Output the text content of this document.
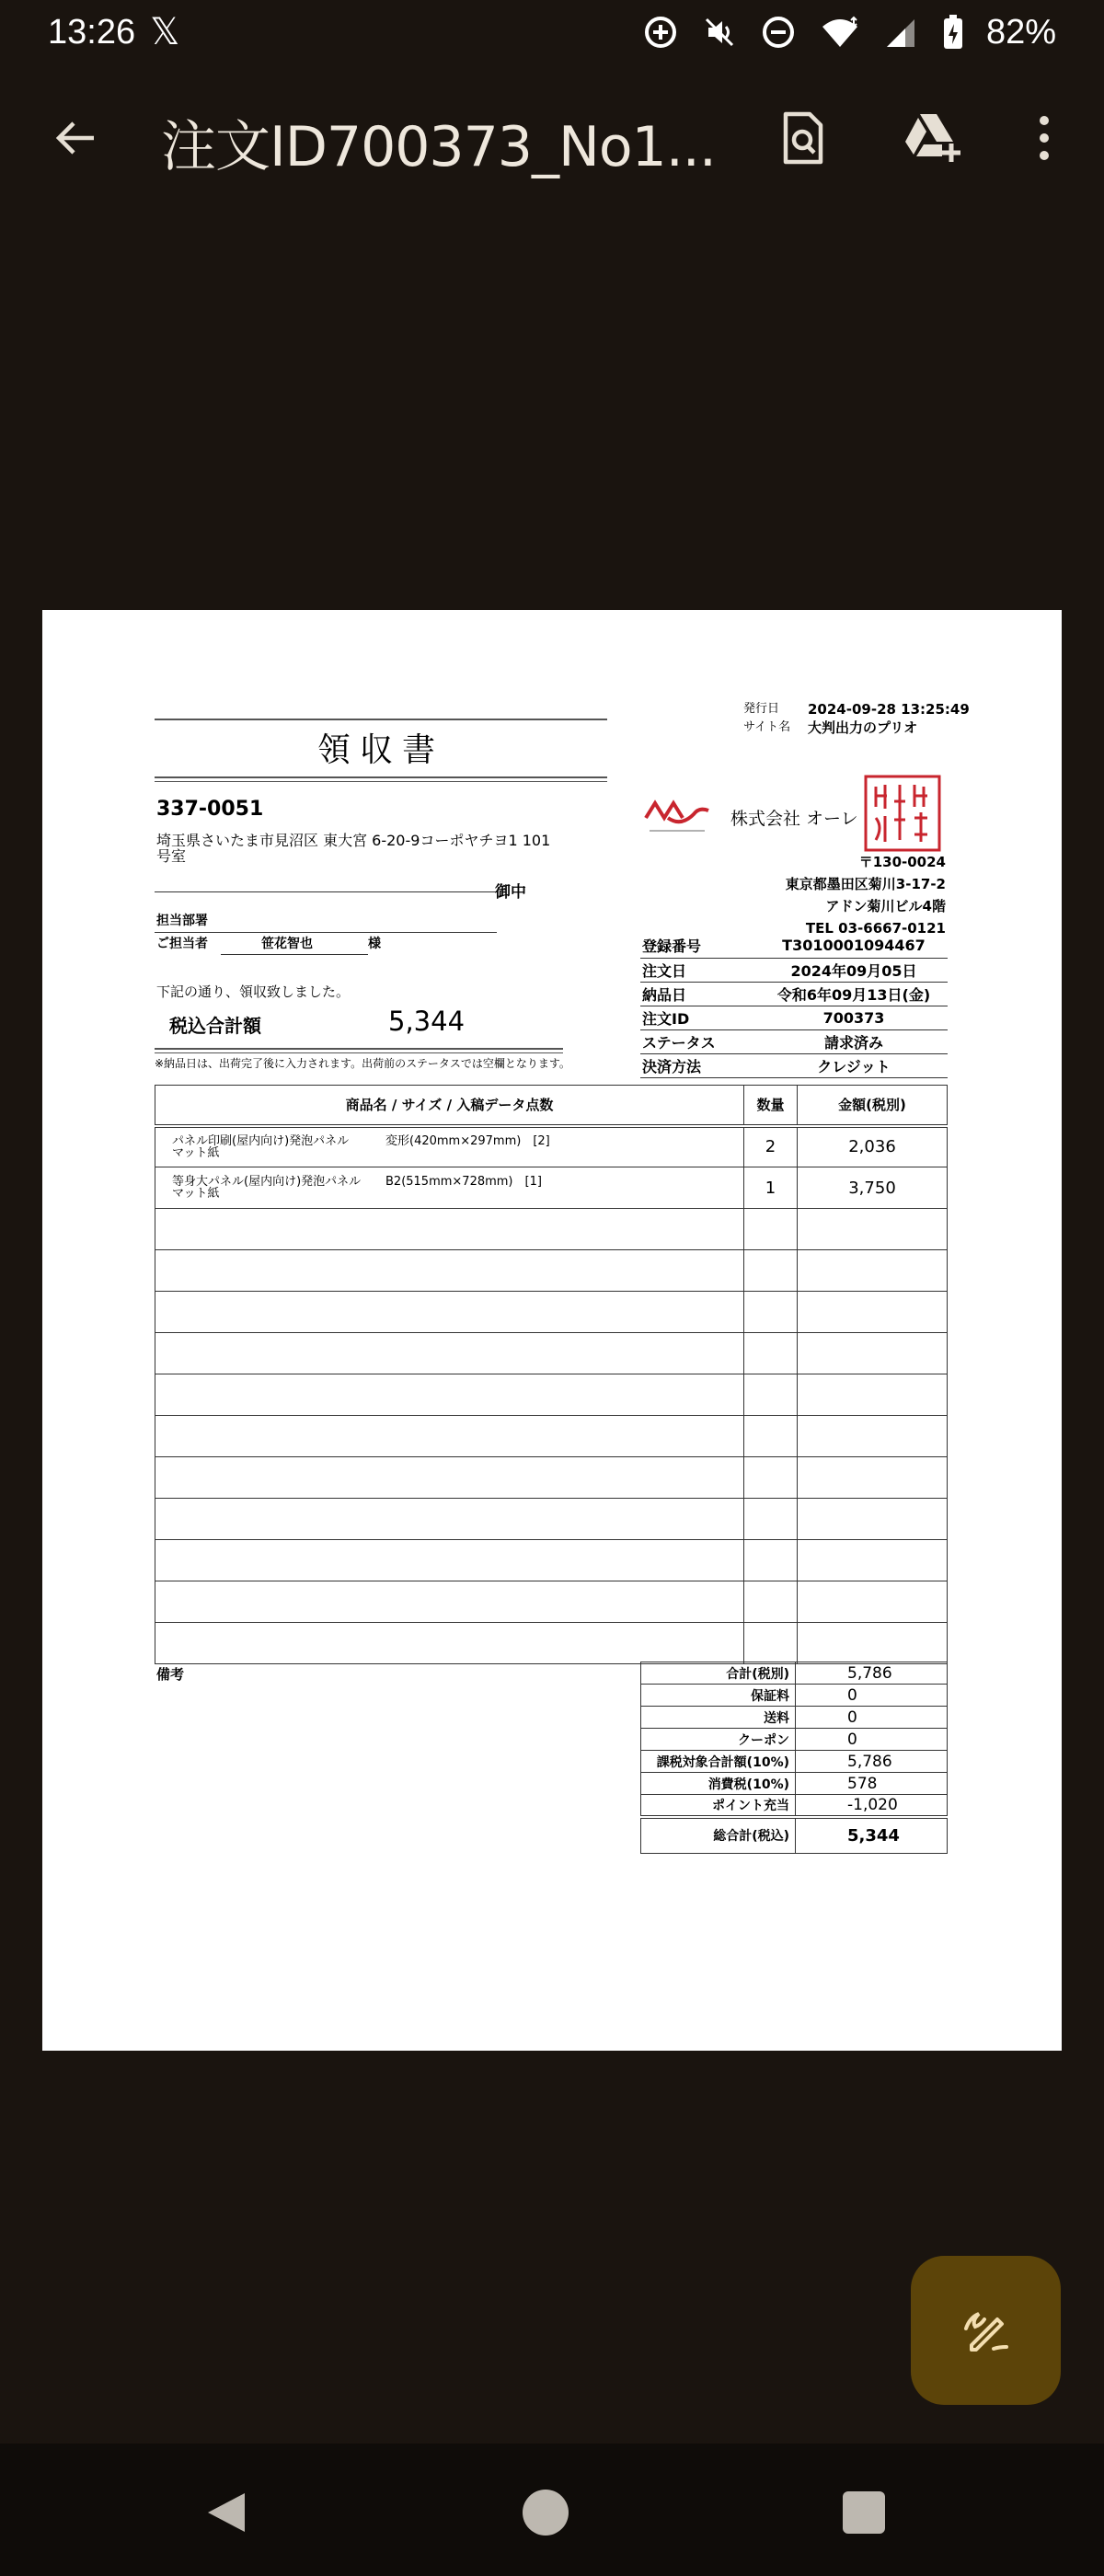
13:26 𝕏	82%
注文ID700373_No1...
発行日	2024-09-28 13:25:49
サイト名 大判出力のプリオ
領収書
337-0051
埼玉県さいたま市見沼区 東大宮 6-20-9コーポヤチヨ1 101号室
御中
担当部署
ご担当者	笹花智也	様
下記の通り、領収致しました。
税込合計額	5,344
※納品日は、出荷完了後に入力されます。出荷前のステータスでは空欄となります。
株式会社 オーレ
〒130-0024
東京都墨田区菊川3-17-2
アドン菊川ビル4階
TEL 03-6667-0121
登録番号	T3010001094467
注文日	2024年09月05日
納品日	令和6年09月13日(金)
注文ID	700373
ステータス	請求済み
決済方法	クレジット
商品名 / サイズ / 入稿データ点数	数量	金額(税別)

パネル印刷(屋内向け)発泡パネル
マット紙
変形(420mm×297mm)　[2]	2	2,036

等身大パネル(屋内向け)発泡パネル
マット紙
B2(515mm×728mm)　[1]	1	3,750

備考	合計(税別)	5,786
保証料	0
送料	0
クーポン	0
課税対象合計額(10%)	5,786
消費税(10%)	578
ポイント充当	-1,020
総合計(税込)	5,344
